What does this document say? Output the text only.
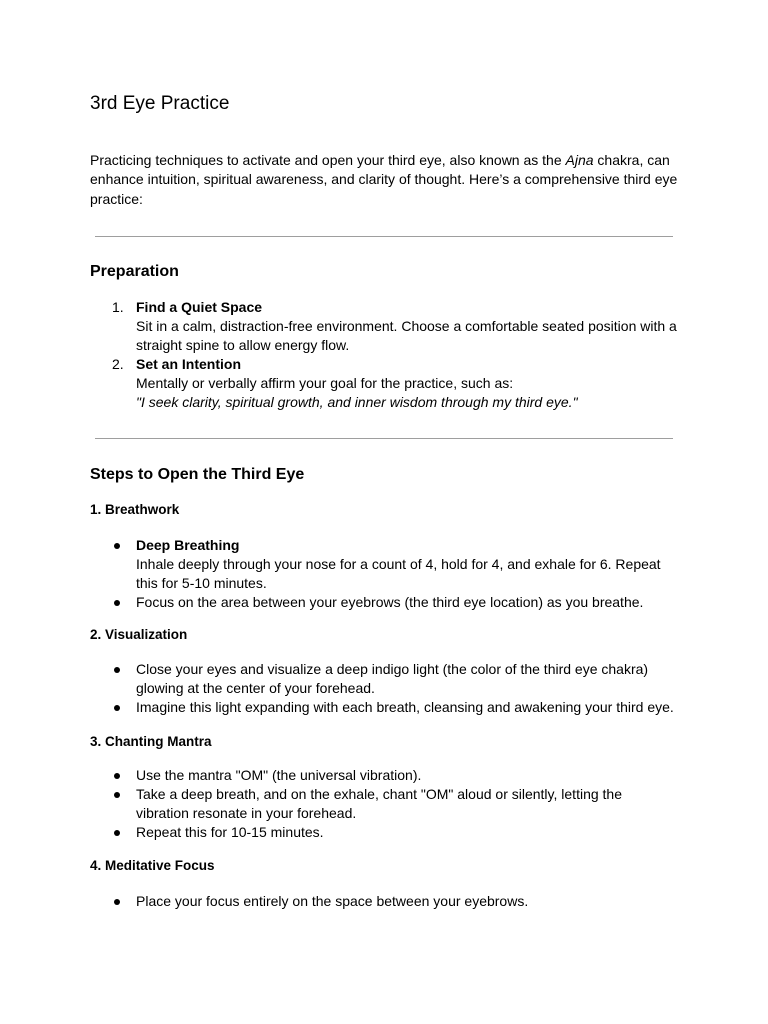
3rd Eye Practice

Practicing techniques to activate and open your third eye, also known as the Ajna chakra, can enhance intuition, spiritual awareness, and clarity of thought. Here’s a comprehensive third eye practice:

Preparation
1. Find a Quiet Space
Sit in a calm, distraction-free environment. Choose a comfortable seated position with a straight spine to allow energy flow.
2. Set an Intention
Mentally or verbally affirm your goal for the practice, such as:
"I seek clarity, spiritual growth, and inner wisdom through my third eye."
Steps to Open the Third Eye
1. Breathwork
Deep Breathing
Inhale deeply through your nose for a count of 4, hold for 4, and exhale for 6. Repeat this for 5-10 minutes.
Focus on the area between your eyebrows (the third eye location) as you breathe.
2. Visualization
Close your eyes and visualize a deep indigo light (the color of the third eye chakra) glowing at the center of your forehead.
Imagine this light expanding with each breath, cleansing and awakening your third eye.
3. Chanting Mantra
Use the mantra "OM" (the universal vibration).
Take a deep breath, and on the exhale, chant "OM" aloud or silently, letting the vibration resonate in your forehead.
Repeat this for 10-15 minutes.
4. Meditative Focus
Place your focus entirely on the space between your eyebrows.
